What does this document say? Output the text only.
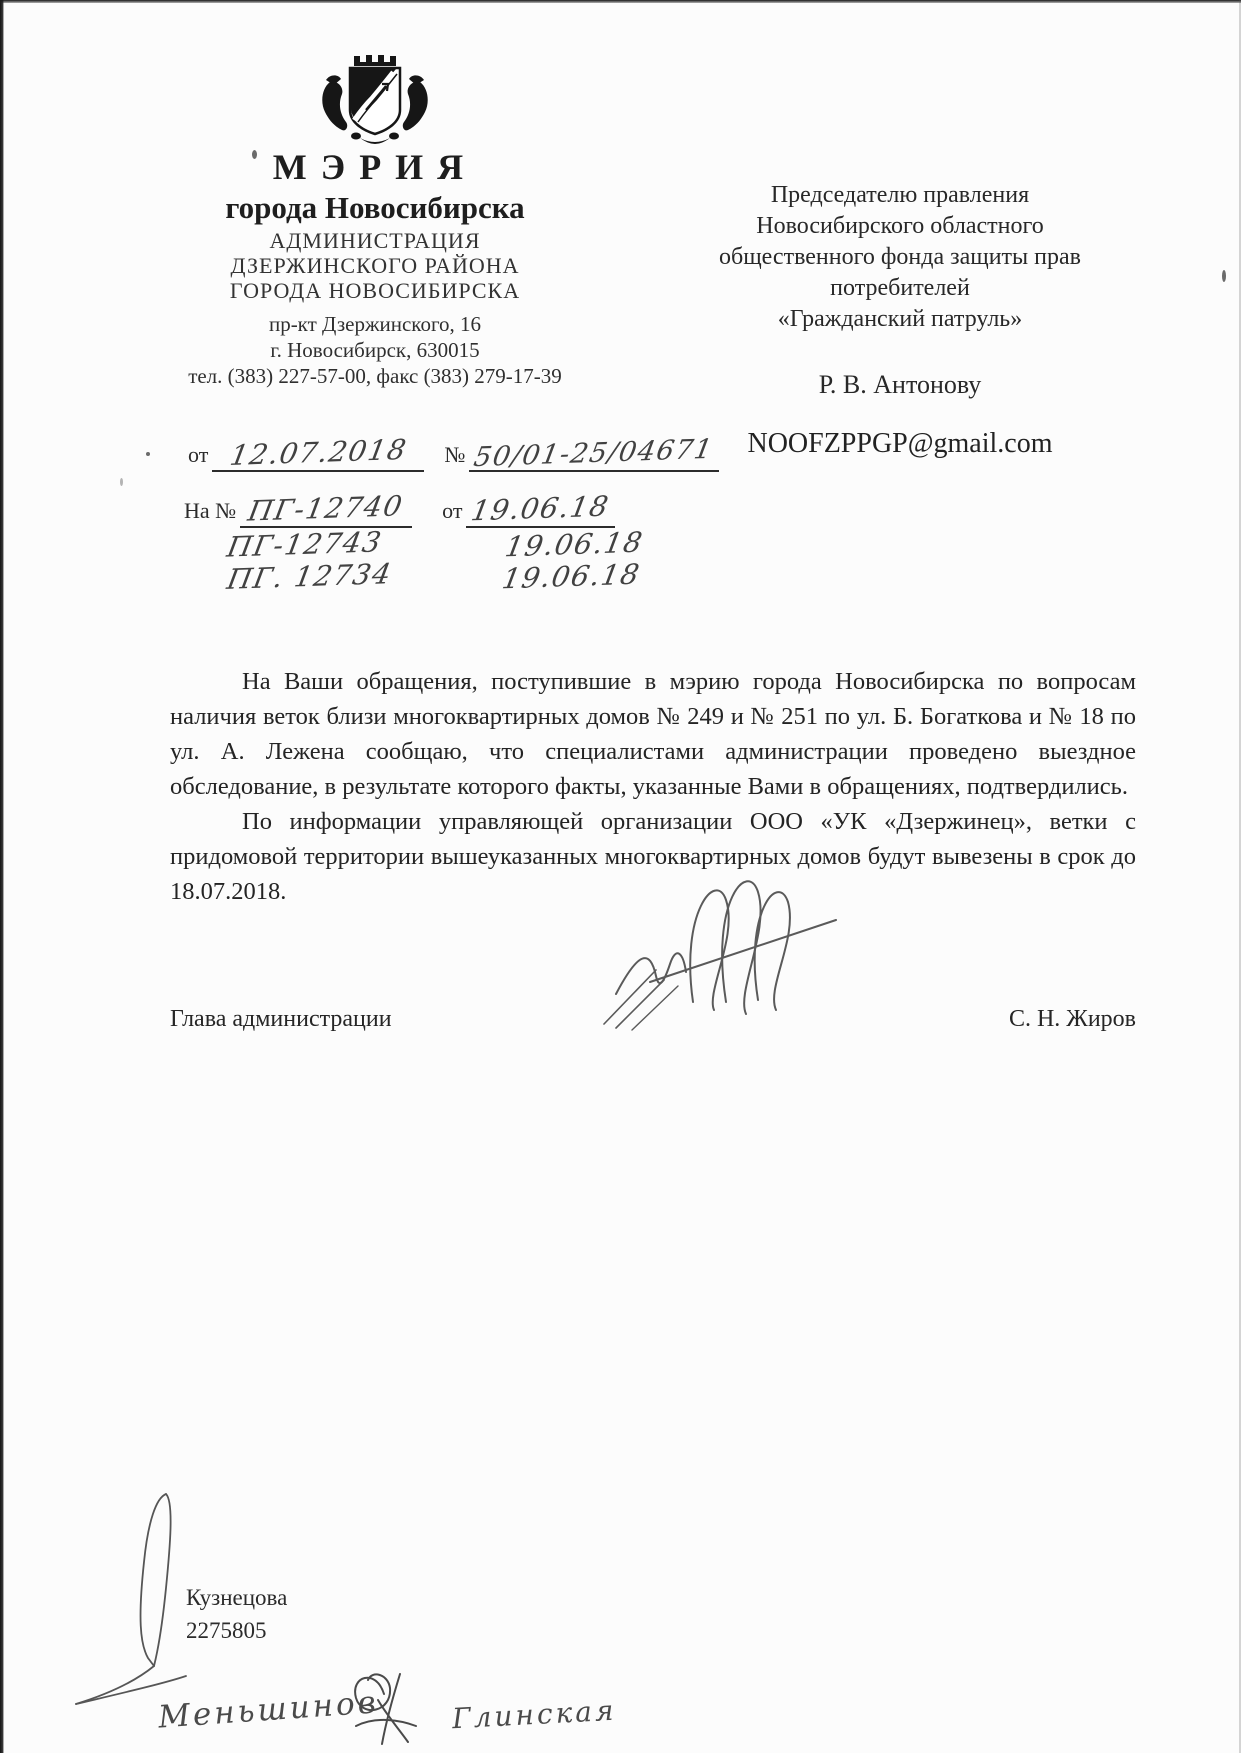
МЭРИЯ
города Новосибирска
АДМИНИСТРАЦИЯ
ДЗЕРЖИНСКОГО РАЙОНА
ГОРОДА НОВОСИБИРСКА
пр-кт Дзержинского, 16
г. Новосибирск, 630015
тел. (383) 227-57-00, факс (383) 279-17-39
от 12.07.2018 № 50/01-25/04671
На № ПГ-12740 от 19.06.18
ПГ-12743	19.06.18
ПГ. 12734	19.06.18
Председателю правления
Новосибирского областного
общественного фонда защиты прав
потребителей
«Гражданский патруль»
Р. В. Антонову
NOOFZPPGP@gmail.com

На Ваши обращения, поступившие в мэрию города Новосибирска по вопросам наличия веток близи многоквартирных домов № 249 и № 251 по ул. Б. Богаткова и № 18 по ул. А. Лежена сообщаю, что специалистами администрации проведено выездное обследование, в результате которого факты, указанные Вами в обращениях, подтвердились.

По информации управляющей организации ООО «УК «Дзержинец», ветки с придомовой территории вышеуказанных многоквартирных домов будут вывезены в срок до 18.07.2018.

Глава администрации	С. Н. Жиров
Кузнецова
2275805
Меньшинов	Глинская
